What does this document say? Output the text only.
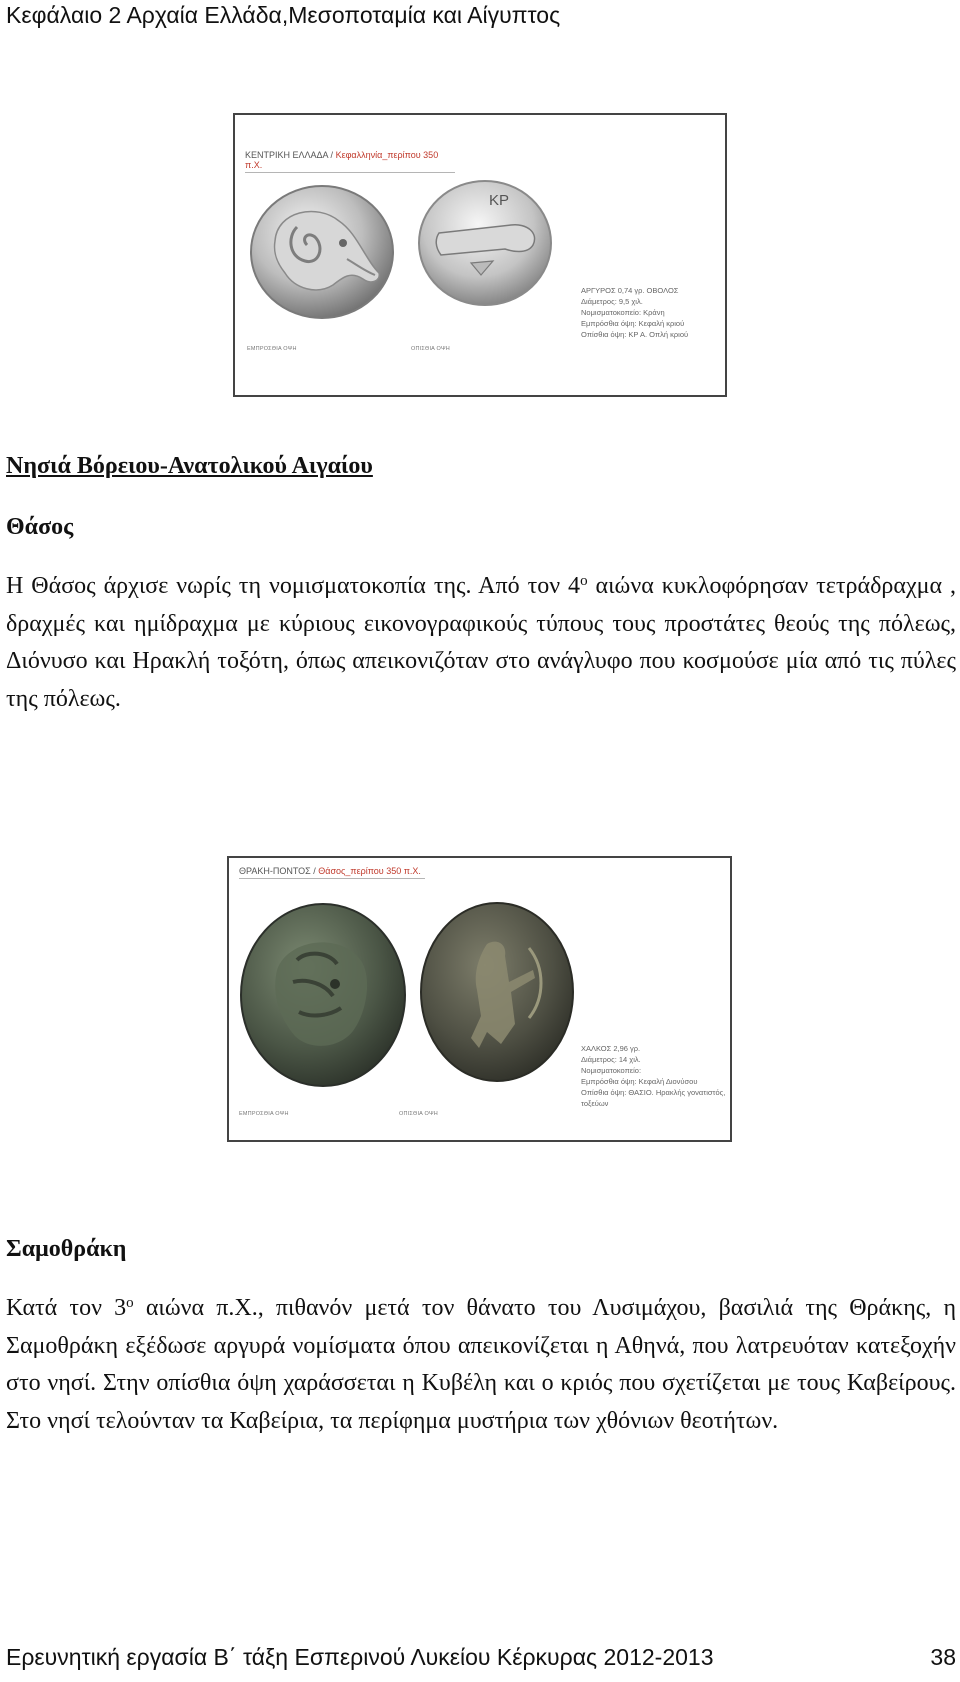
Κεφάλαιο 2 Αρχαία Ελλάδα,Μεσοποταμία και Αίγυπτος
ΚΕΝΤΡΙΚΗ ΕΛΛΑΔΑ / Κεφαλληνία_περίπου 350 π.Χ.
ΚΡ
ΑΡΓΥΡΟΣ 0,74 γρ. ΟΒΟΛΟΣ
Διάμετρος: 9,5 χιλ.
Νομισματοκοπείο: Κράνη
Εμπρόσθια όψη: Κεφαλή κριού
Οπίσθια όψη: ΚΡ Α. Οπλή κριού
ΕΜΠΡΟΣΘΙΑ ΟΨΗ	ΟΠΙΣΘΙΑ ΟΨΗ
Νησιά Βόρειου-Ανατολικού Αιγαίου
Θάσος

Η Θάσος άρχισε νωρίς τη νομισματοκοπία της. Από τον $4^o$ αιώνα κυκλοφόρησαν τετράδραχμα , δραχμές και ημίδραχμα με κύριους εικονογραφικούς τύπους τους προστάτες θεούς της πόλεως, Διόνυσο και Ηρακλή τοξότη, όπως απεικονιζόταν στο ανάγλυφο που κοσμούσε μία από τις πύλες της πόλεως.

ΘΡΑΚΗ-ΠΟΝΤΟΣ / Θάσος_περίπου 350 π.Χ.
ΧΑΛΚΟΣ 2,96 γρ.
Διάμετρος: 14 χιλ.
Νομισματοκοπείο:
Εμπρόσθια όψη: Κεφαλή Διονύσου
Οπίσθια όψη: ΘΑΣΙΟ. Ηρακλής γονατιστός,
τοξεύων
ΕΜΠΡΟΣΘΙΑ ΟΨΗ	ΟΠΙΣΘΙΑ ΟΨΗ
Σαμοθράκη

Κατά τον $3^o$ αιώνα π.Χ., πιθανόν μετά τον θάνατο του Λυσιμάχου, βασιλιά της Θράκης, η Σαμοθράκη εξέδωσε αργυρά νομίσματα όπου απεικονίζεται η Αθηνά, που λατρευόταν κατεξοχήν στο νησί. Στην οπίσθια όψη χαράσσεται η Κυβέλη και ο κριός που σχετίζεται με τους Καβείρους. Στο νησί τελούνταν τα Καβείρια, τα περίφημα μυστήρια των χθόνιων θεοτήτων.

Ερευνητική εργασία Β΄ τάξη Εσπερινού Λυκείου Κέρκυρας 2012-2013	38
